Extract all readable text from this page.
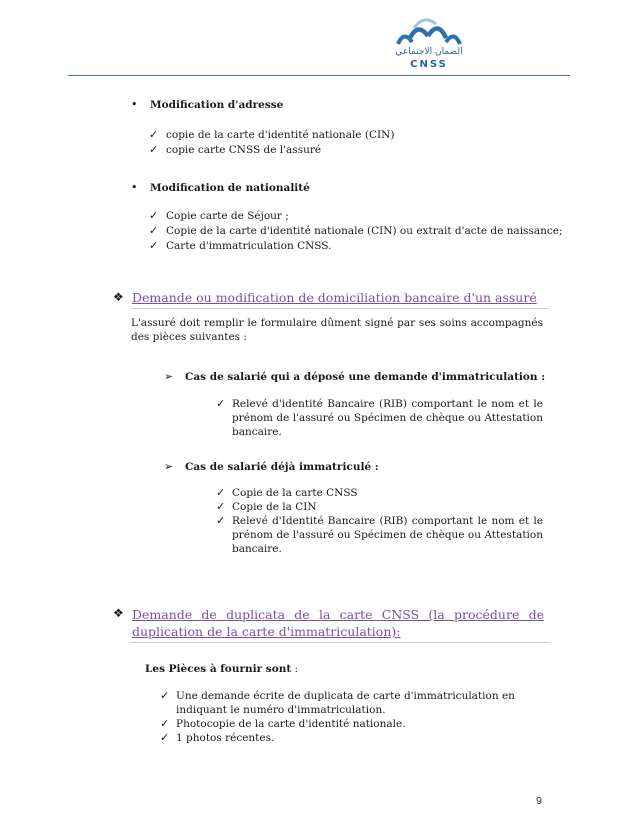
الضمان الاجتماعي
CNSS
• Modification d'adresse
✓ copie de la carte d'identité nationale (CIN)
✓ copie carte CNSS de l'assuré
• Modification de nationalité
✓ Copie carte de Séjour ;
✓ Copie de la carte d'identité nationale (CIN) ou extrait d'acte de naissance;
✓ Carte d'immatriculation CNSS.
❖ Demande ou modification de domiciliation bancaire d'un assuré
L'assuré doit remplir le formulaire dûment signé par ses soins accompagnés des pièces suivantes :
➢ Cas de salarié qui a déposé une demande d'immatriculation :
✓ Relevé d'identité Bancaire (RIB) comportant le nom et le prénom de l'assuré ou Spécimen de chèque ou Attestation bancaire.
➢ Cas de salarié déjà immatriculé :
✓ Copie de la carte CNSS
✓ Copie de la CIN
✓ Relevé d'Identité Bancaire (RIB) comportant le nom et le prénom de l'assuré ou Spécimen de chèque ou Attestation bancaire.
❖ Demande de duplicata de la carte CNSS (la procédure de duplication de la carte d'immatriculation):
Les Pièces à fournir sont :
✓ Une demande écrite de duplicata de carte d'immatriculation en indiquant le numéro d'immatriculation.
✓ Photocopie de la carte d'identité nationale.
✓ 1 photos récentes.
9
